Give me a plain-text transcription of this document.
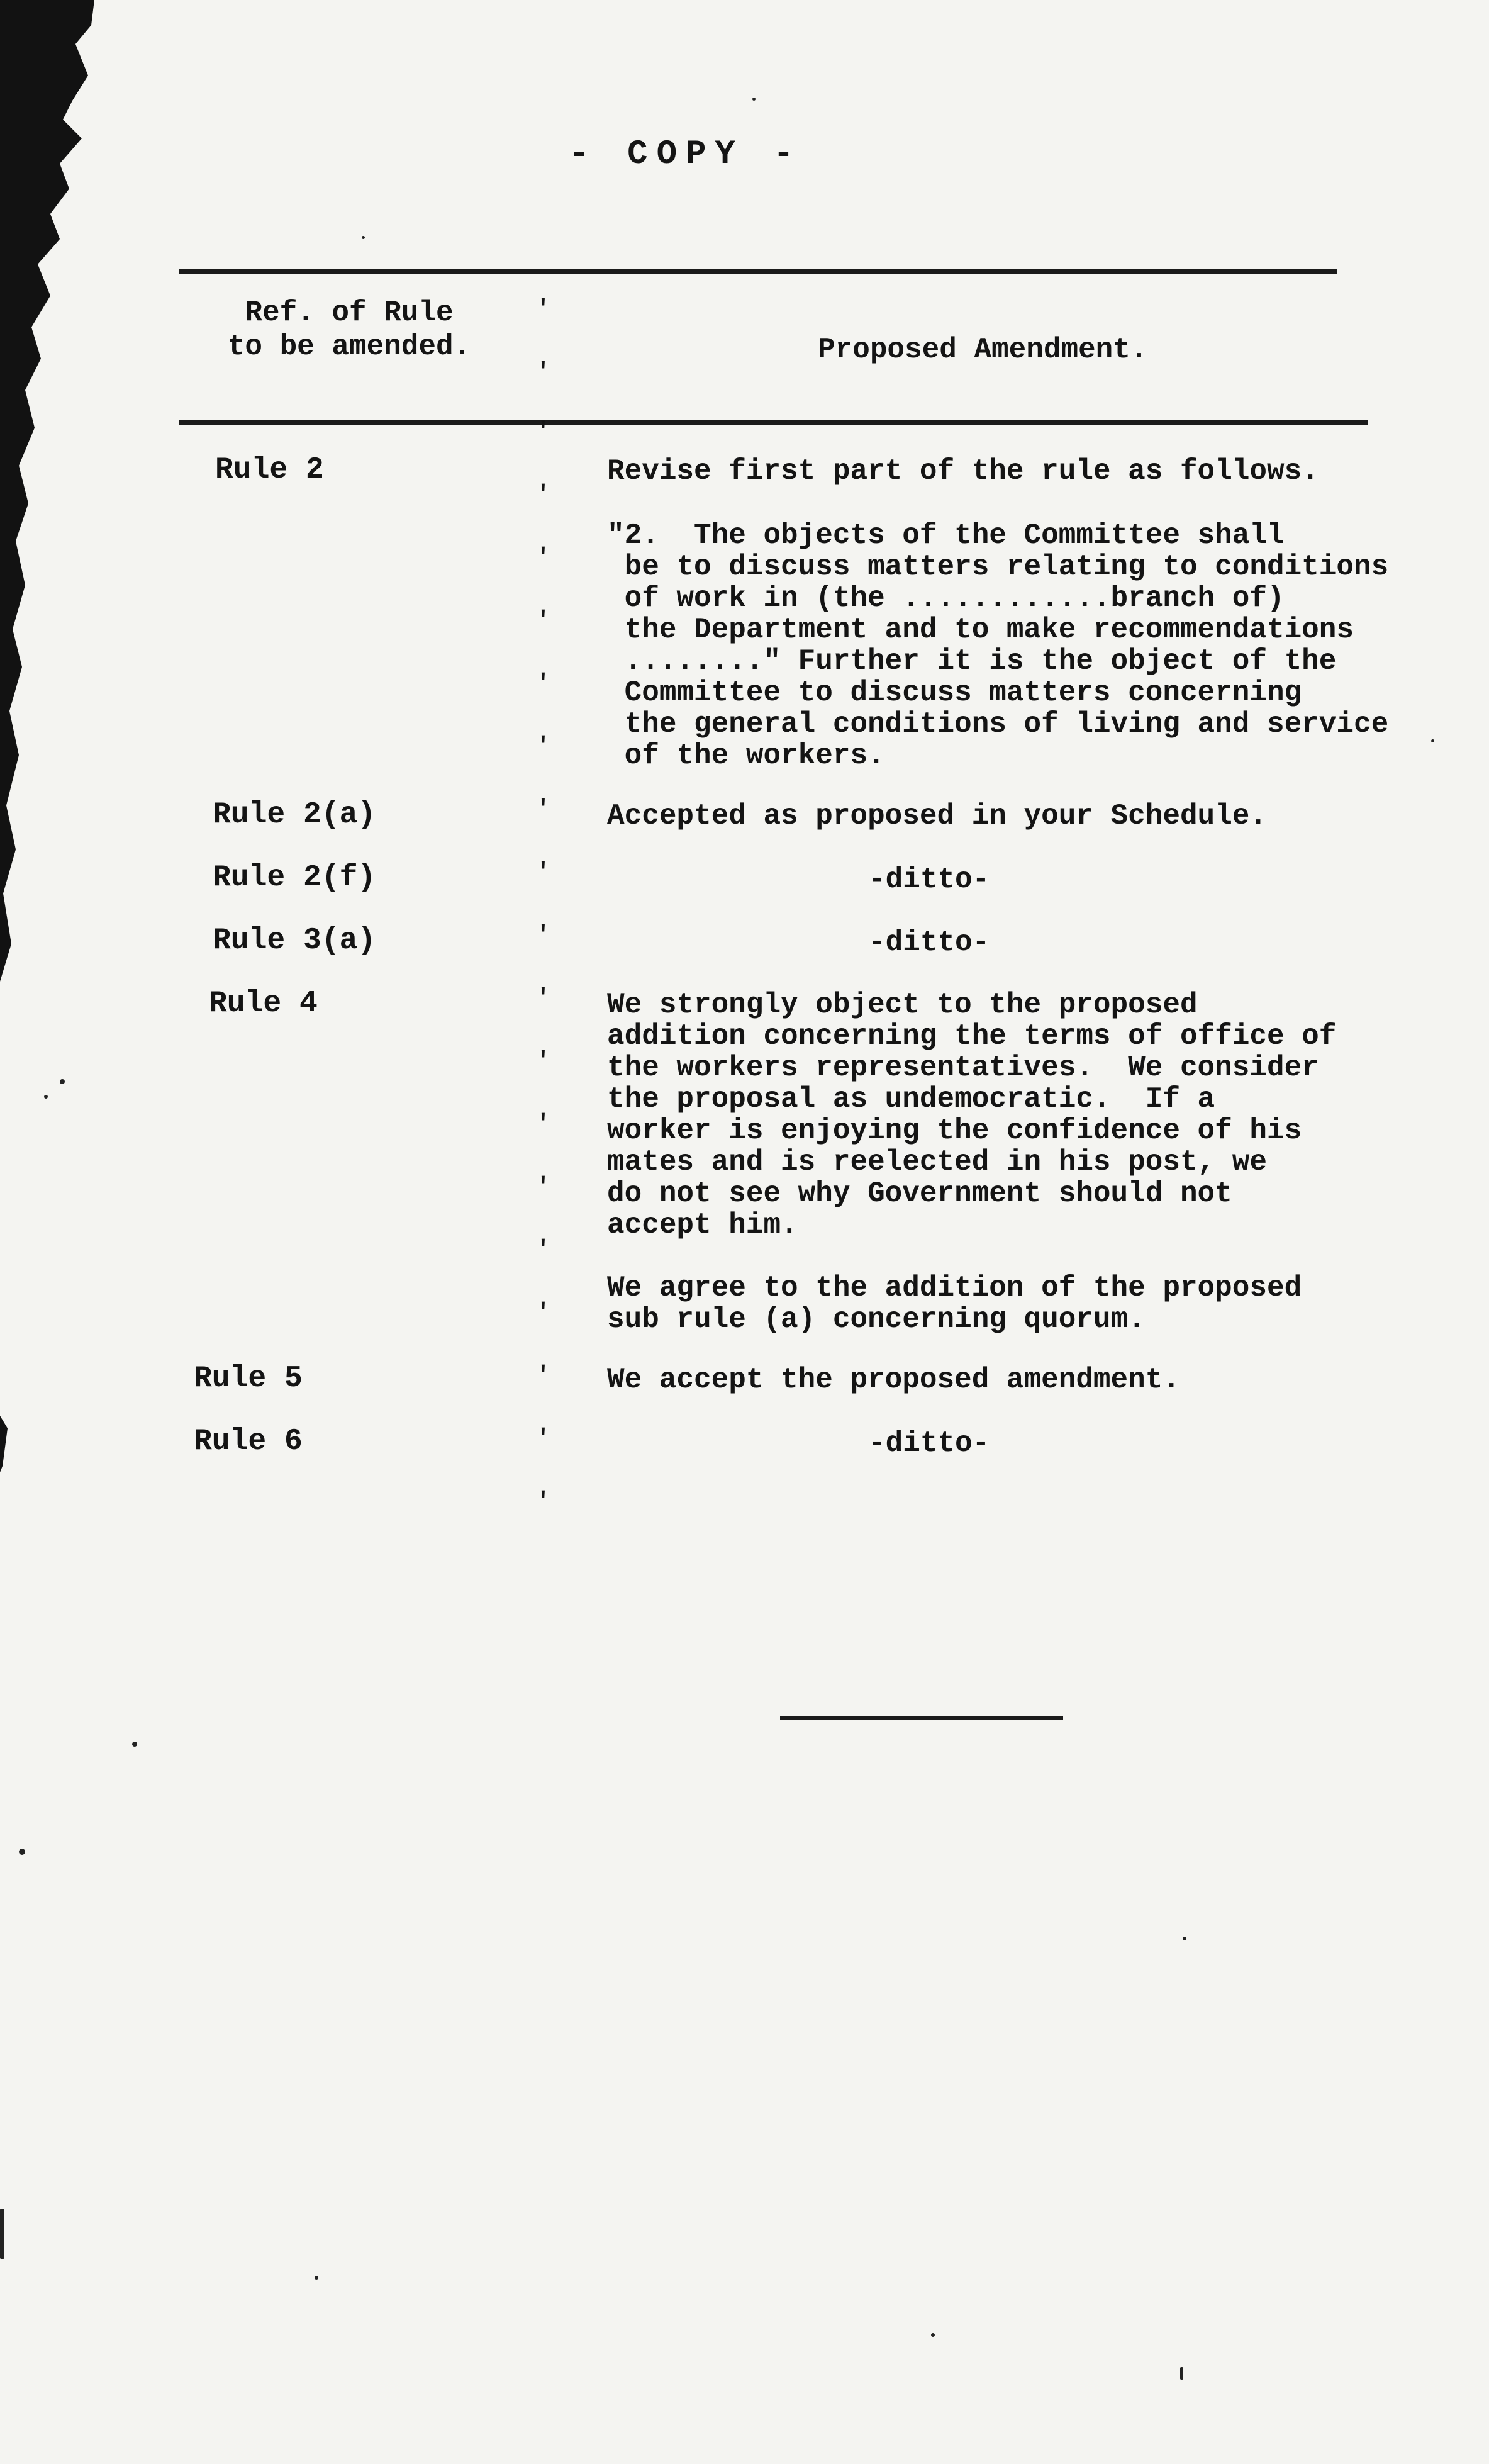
- COPY -
Ref. of Rule
to be amended.	Proposed Amendment.
'
'
'
'
'
'
'
'
'
'
'
'
'
'
'
'
'
'
'
'
Rule 2	Revise first part of the rule as follows.
"2.  The objects of the Committee shall
be to discuss matters relating to conditions
of work in (the ............branch of)
the Department and to make recommendations
........" Further it is the object of the
Committee to discuss matters concerning
the general conditions of living and service
of the workers.
Rule 2(a)	Accepted as proposed in your Schedule.
Rule 2(f)	-ditto-
Rule 3(a)	-ditto-
Rule 4	We strongly object to the proposed
addition concerning the terms of office of
the workers representatives.  We consider
the proposal as undemocratic.  If a
worker is enjoying the confidence of his
mates and is reelected in his post, we
do not see why Government should not
accept him.
We agree to the addition of the proposed
sub rule (a) concerning quorum.
Rule 5	We accept the proposed amendment.
Rule 6	-ditto-
